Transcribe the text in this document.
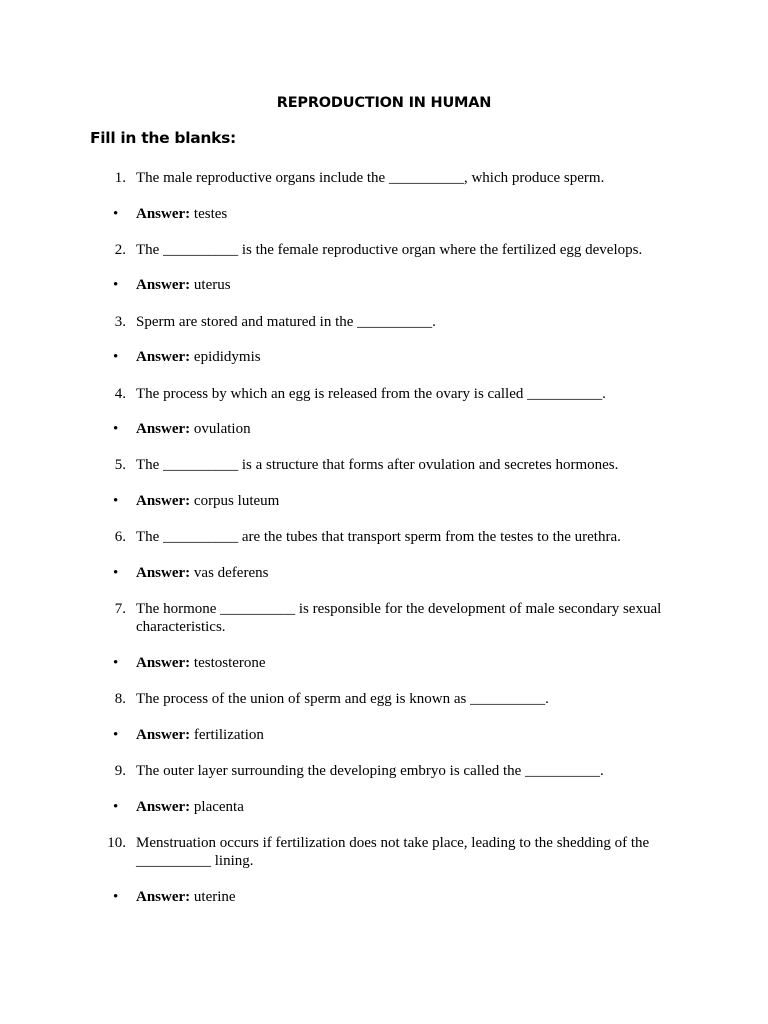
REPRODUCTION IN HUMAN
Fill in the blanks:
1. The male reproductive organs include the __________, which produce sperm.
• Answer: testes
2. The __________ is the female reproductive organ where the fertilized egg develops.
• Answer: uterus
3. Sperm are stored and matured in the __________.
• Answer: epididymis
4. The process by which an egg is released from the ovary is called __________.
• Answer: ovulation
5. The __________ is a structure that forms after ovulation and secretes hormones.
• Answer: corpus luteum
6. The __________ are the tubes that transport sperm from the testes to the urethra.
• Answer: vas deferens
7. The hormone __________ is responsible for the development of male secondary sexual characteristics.
• Answer: testosterone
8. The process of the union of sperm and egg is known as __________.
• Answer: fertilization
9. The outer layer surrounding the developing embryo is called the __________.
• Answer: placenta
10. Menstruation occurs if fertilization does not take place, leading to the shedding of the __________ lining.
• Answer: uterine
